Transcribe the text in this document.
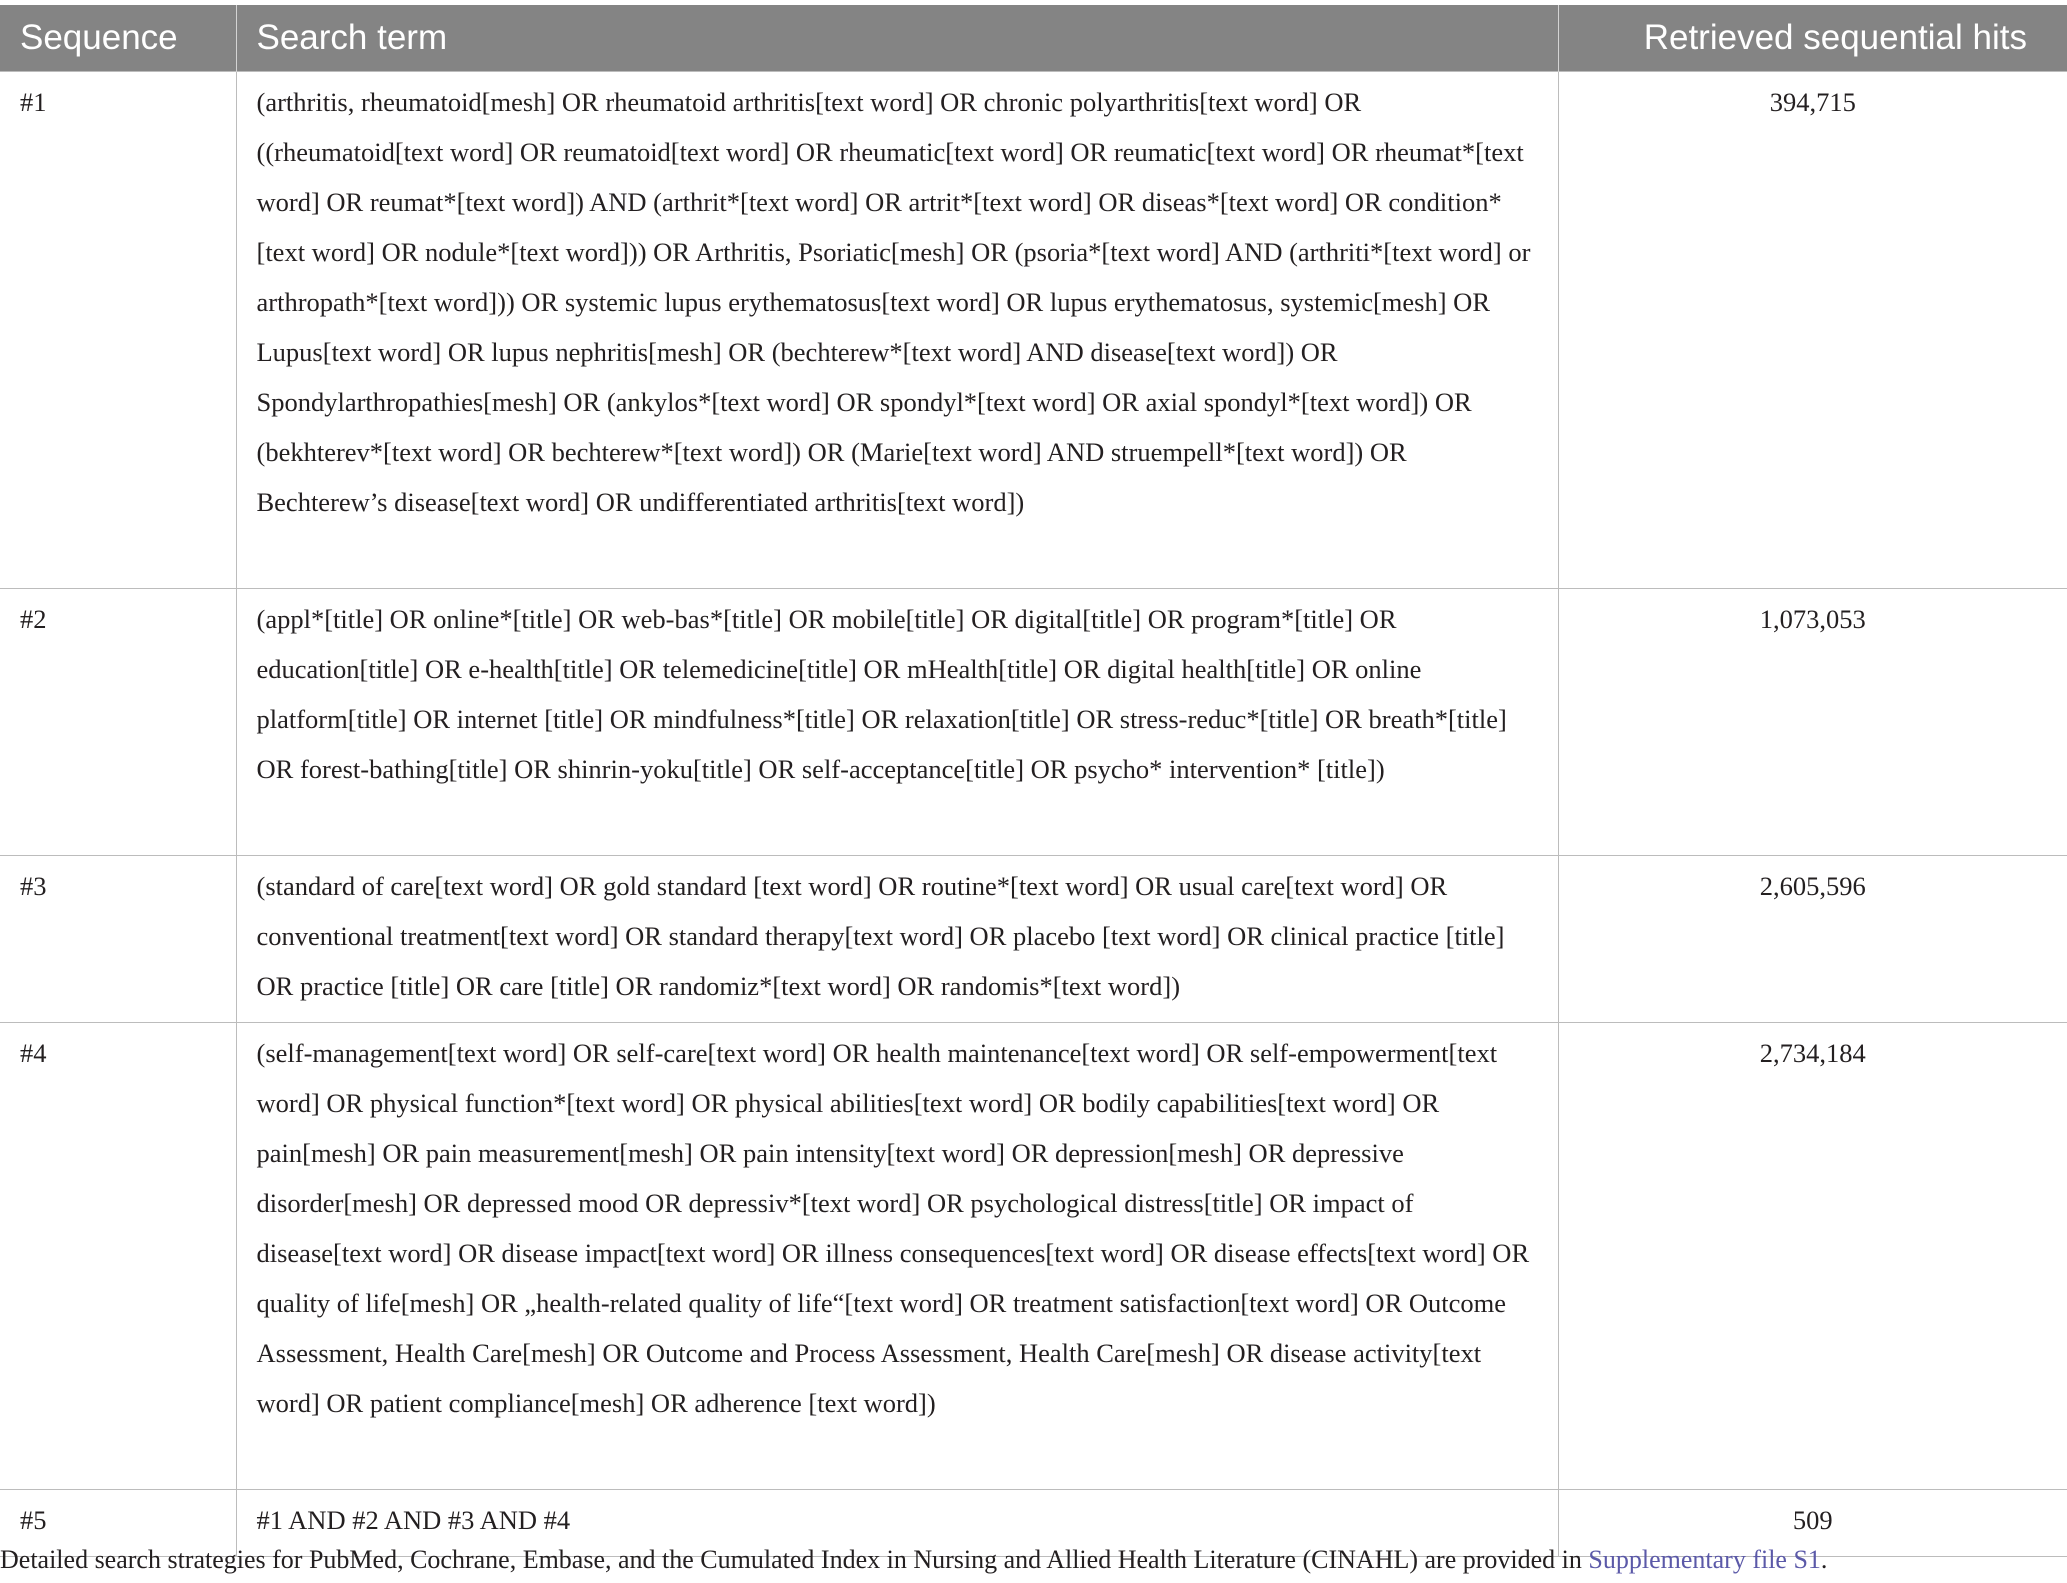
Sequence	Search term	Retrieved sequential hits
#1	(arthritis, rheumatoid[mesh] OR rheumatoid arthritis[text word] OR chronic polyarthritis[text word] OR ((rheumatoid[text word] OR reumatoid[text word] OR rheumatic[text word] OR reumatic[text word] OR rheumat*[text word] OR reumat*[text word]) AND (arthrit*[text word] OR artrit*[text word] OR diseas*[text word] OR condition*[text word] OR nodule*[text word])) OR Arthritis, Psoriatic[mesh] OR (psoria*[text word] AND (arthriti*[text word] or arthropath*[text word])) OR systemic lupus erythematosus[text word] OR lupus erythematosus, systemic[mesh] OR Lupus[text word] OR lupus nephritis[mesh] OR (bechterew*[text word] AND disease[text word]) OR Spondylarthropathies[mesh] OR (ankylos*[text word] OR spondyl*[text word] OR axial spondyl*[text word]) OR (bekhterev*[text word] OR bechterew*[text word]) OR (Marie[text word] AND struempell*[text word]) OR Bechterew’s disease[text word] OR undifferentiated arthritis[text word])	394,715
#2	(appl*[title] OR online*[title] OR web-bas*[title] OR mobile[title] OR digital[title] OR program*[title] OR education[title] OR e-health[title] OR telemedicine[title] OR mHealth[title] OR digital health[title] OR online platform[title] OR internet [title] OR mindfulness*[title] OR relaxation[title] OR stress-reduc*[title] OR breath*[title] OR forest-bathing[title] OR shinrin-yoku[title] OR self-acceptance[title] OR psycho* intervention* [title])	1,073,053
#3	(standard of care[text word] OR gold standard [text word] OR routine*[text word] OR usual care[text word] OR conventional treatment[text word] OR standard therapy[text word] OR placebo [text word] OR clinical practice [title] OR practice [title] OR care [title] OR randomiz*[text word] OR randomis*[text word])	2,605,596
#4	(self-management[text word] OR self-care[text word] OR health maintenance[text word] OR self-empowerment[text word] OR physical function*[text word] OR physical abilities[text word] OR bodily capabilities[text word] OR pain[mesh] OR pain measurement[mesh] OR pain intensity[text word] OR depression[mesh] OR depressive disorder[mesh] OR depressed mood OR depressiv*[text word] OR psychological distress[title] OR impact of disease[text word] OR disease impact[text word] OR illness consequences[text word] OR disease effects[text word] OR quality of life[mesh] OR „health-related quality of life“[text word] OR treatment satisfaction[text word] OR Outcome Assessment, Health Care[mesh] OR Outcome and Process Assessment, Health Care[mesh] OR disease activity[text word] OR patient compliance[mesh] OR adherence [text word])	2,734,184
#5	#1 AND #2 AND #3 AND #4	509
Detailed search strategies for PubMed, Cochrane, Embase, and the Cumulated Index in Nursing and Allied Health Literature (CINAHL) are provided in Supplementary file S1.
